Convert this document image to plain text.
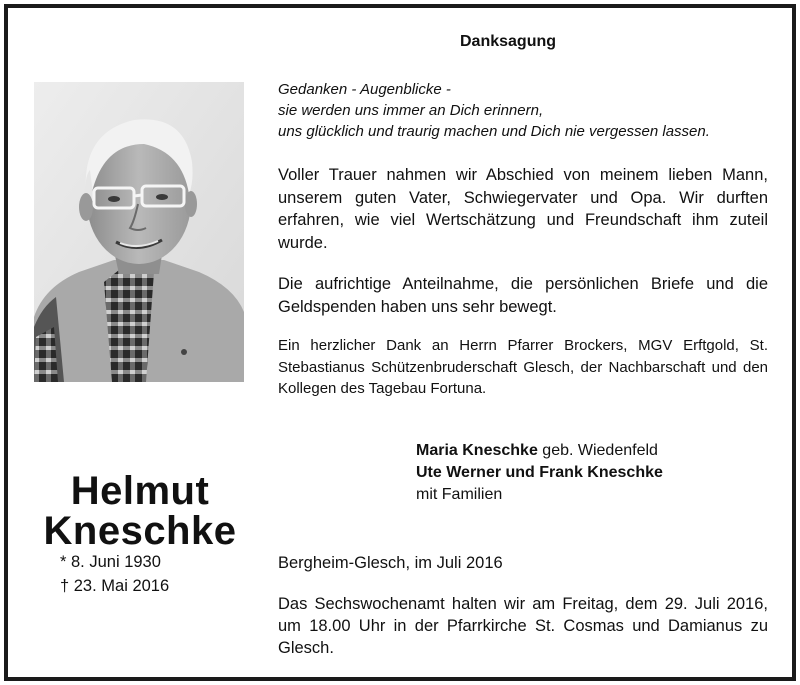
Danksagung
Gedanken - Augenblicke -
sie werden uns immer an Dich erinnern,
uns glücklich und traurig machen und Dich nie vergessen lassen.
Voller Trauer nahmen wir Abschied von meinem lieben Mann, unserem guten Vater, Schwiegervater und Opa. Wir durften erfahren, wie viel Wertschätzung und Freundschaft ihm zuteil wurde.
Die aufrichtige Anteilnahme, die persönlichen Briefe und die Geldspenden haben uns sehr bewegt.
Ein herzlicher Dank an Herrn Pfarrer Brockers, MGV Erftgold, St. Stebastianus Schützenbruderschaft Glesch, der Nachbarschaft und den Kollegen des Tagebau Fortuna.
Maria Kneschke geb. Wiedenfeld
Ute Werner und Frank Kneschke
mit Familien
Helmut
Kneschke
* 8. Juni 1930
† 23. Mai 2016
Bergheim-Glesch, im Juli 2016
Das Sechswochenamt halten wir am Freitag, dem 29. Juli 2016, um 18.00 Uhr in der Pfarrkirche St. Cosmas und Damianus zu Glesch.
